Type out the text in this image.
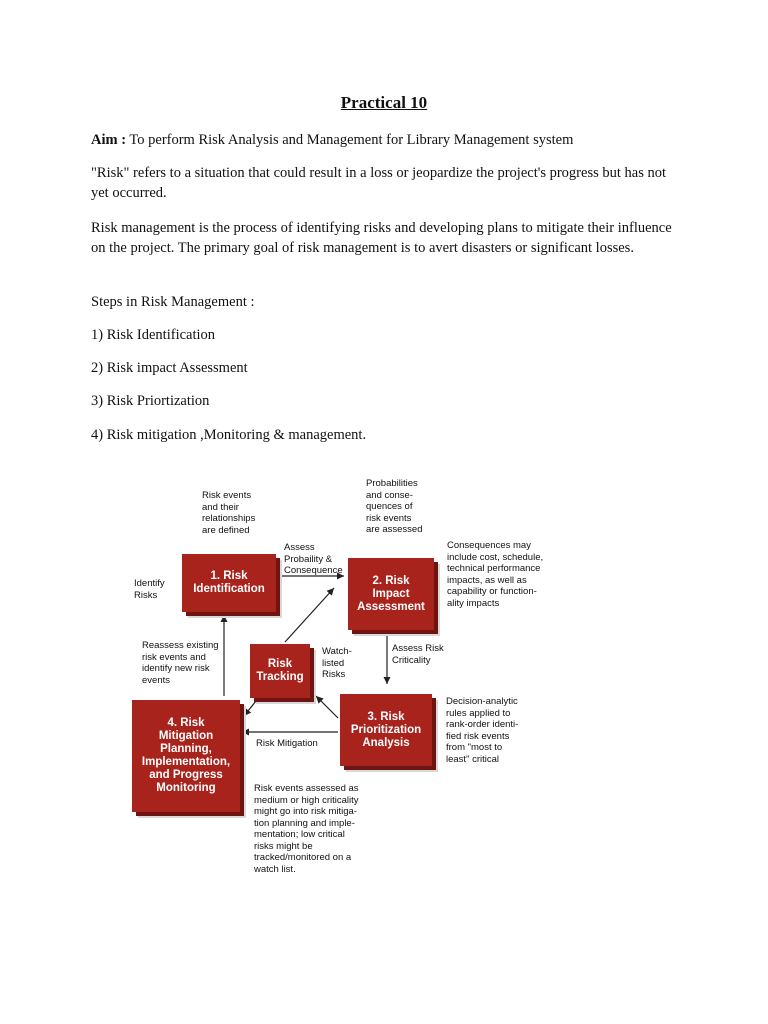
Practical 10
Aim : To perform Risk Analysis and Management for Library Management system
"Risk" refers to a situation that could result in a loss or jeopardize the project's progress but has not yet occurred.
Risk management is the process of identifying risks and developing plans to mitigate their influence on the project. The primary goal of risk management is to avert disasters or significant losses.
Steps in Risk Management :
1) Risk Identification
2) Risk impact Assessment
3) Risk Priortization
4) Risk mitigation ,Monitoring & management.
1. Risk
Identification
2. Risk
Impact
Assessment
3. Risk
Prioritization
Analysis
4. Risk
Mitigation
Planning,
Implementation,
and Progress
Monitoring
Risk
Tracking
Risk events
and their
relationships
are defined
Probabilities
and conse-
quences of
risk events
are assessed
Assess
Probaility &
Consequence
Identify
Risks
Consequences may
include cost, schedule,
technical performance
impacts, as well as
capability or function-
ality impacts
Reassess existing
risk events and
identify new risk
events
Watch-
listed
Risks
Assess Risk
Criticality
Decision-analytic
rules applied to
rank-order identi-
fied risk events
from "most to
least" critical
Risk Mitigation
Risk events assessed as
medium or high criticality
might go into risk mitiga-
tion planning and imple-
mentation; low critical
risks might be
tracked/monitored on a
watch list.
